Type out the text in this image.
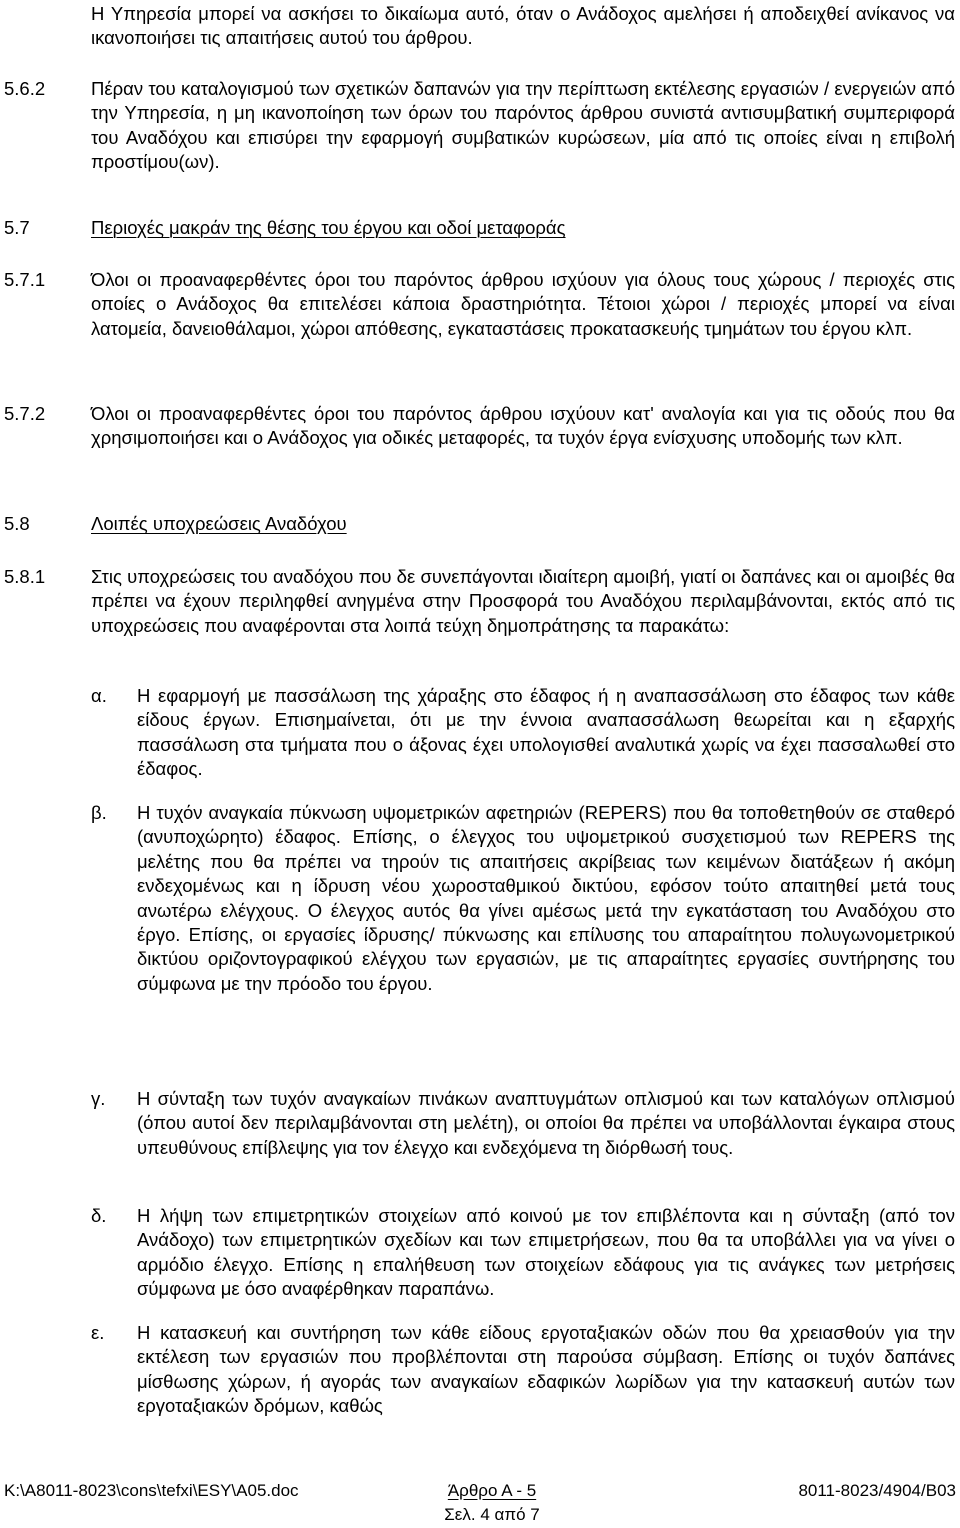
Η Υπηρεσία μπορεί να ασκήσει το δικαίωμα αυτό, όταν ο Ανάδοχος αμελήσει ή αποδειχθεί ανίκανος να ικανοποιήσει τις απαιτήσεις αυτού του άρθρου.
5.6.2	Πέραν του καταλογισμού των σχετικών δαπανών για την περίπτωση εκτέλεσης εργασιών / ενεργειών από την Υπηρεσία, η μη ικανοποίηση των όρων του παρόντος άρθρου συνιστά αντισυμβατική συμπεριφορά του Αναδόχου και επισύρει την εφαρμογή συμβατικών κυρώσεων, μία από τις οποίες είναι η επιβολή προστίμου(ων).
5.7	Περιοχές μακράν της θέσης του έργου και οδοί μεταφοράς
5.7.1	Όλοι οι προαναφερθέντες όροι του παρόντος άρθρου ισχύουν για όλους τους χώρους / περιοχές στις οποίες ο Ανάδοχος θα επιτελέσει κάποια δραστηριότητα. Τέτοιοι χώροι / περιοχές μπορεί να είναι λατομεία, δανειοθάλαμοι, χώροι απόθεσης, εγκαταστάσεις προκατασκευής τμημάτων του έργου κλπ.
5.7.2	Όλοι οι προαναφερθέντες όροι του παρόντος άρθρου ισχύουν κατ' αναλογία και για τις οδούς που θα χρησιμοποιήσει και ο Ανάδοχος για οδικές μεταφορές, τα τυχόν έργα ενίσχυσης υποδομής των κλπ.
5.8	Λοιπές υποχρεώσεις Αναδόχου
5.8.1	Στις υποχρεώσεις του αναδόχου που δε συνεπάγονται ιδιαίτερη αμοιβή, γιατί οι δαπάνες και οι αμοιβές θα πρέπει να έχουν περιληφθεί ανηγμένα στην Προσφορά του Αναδόχου περιλαμβάνονται, εκτός από τις υποχρεώσεις που αναφέρονται στα λοιπά τεύχη δημοπράτησης τα παρακάτω:
α. Η εφαρμογή με πασσάλωση της χάραξης στο έδαφος ή η αναπασσάλωση στο έδαφος των κάθε είδους έργων. Επισημαίνεται, ότι με την έννοια αναπασσάλωση θεωρείται και η εξαρχής πασσάλωση στα τμήματα που ο άξονας έχει υπολογισθεί αναλυτικά χωρίς να έχει πασσαλωθεί στο έδαφος.
β. Η τυχόν αναγκαία πύκνωση υψομετρικών αφετηριών (REPERS) που θα τοποθετηθούν σε σταθερό (ανυποχώρητο) έδαφος. Επίσης, ο έλεγχος του υψομετρικού συσχετισμού των REPERS της μελέτης που θα πρέπει να τηρούν τις απαιτήσεις ακρίβειας των κειμένων διατάξεων ή ακόμη ενδεχομένως και η ίδρυση νέου χωροσταθμικού δικτύου, εφόσον τούτο απαιτηθεί μετά τους ανωτέρω ελέγχους. Ο έλεγχος αυτός θα γίνει αμέσως μετά την εγκατάσταση του Αναδόχου στο έργο. Επίσης, οι εργασίες ίδρυσης/ πύκνωσης και επίλυσης του απαραίτητου πολυγωνομετρικού δικτύου οριζοντογραφικού ελέγχου των εργασιών, με τις απαραίτητες εργασίες συντήρησης του σύμφωνα με την πρόοδο του έργου.
γ. Η σύνταξη των τυχόν αναγκαίων πινάκων αναπτυγμάτων οπλισμού και των καταλόγων οπλισμού (όπου αυτοί δεν περιλαμβάνονται στη μελέτη), οι οποίοι θα πρέπει να υποβάλλονται έγκαιρα στους υπευθύνους επίβλεψης για τον έλεγχο και ενδεχόμενα τη διόρθωσή τους.
δ. Η λήψη των επιμετρητικών στοιχείων από κοινού με τον επιβλέποντα και η σύνταξη (από τον Ανάδοχο) των επιμετρητικών σχεδίων και των επιμετρήσεων, που θα τα υποβάλλει για να γίνει ο αρμόδιο έλεγχο. Επίσης η επαλήθευση των στοιχείων εδάφους για τις ανάγκες των μετρήσεις σύμφωνα με όσο αναφέρθηκαν παραπάνω.
ε. Η κατασκευή και συντήρηση των κάθε είδους εργοταξιακών οδών που θα χρειασθούν για την εκτέλεση των εργασιών που προβλέπονται στη παρούσα σύμβαση. Επίσης οι τυχόν δαπάνες μίσθωσης χώρων, ή αγοράς των αναγκαίων εδαφικών λωρίδων για την κατασκευή αυτών των εργοταξιακών δρόμων, καθώς
K:\A8011-8023\cons\tefxi\ESY\A05.doc	Άρθρο Α - 5
Σελ. 4 από 7
8011-8023/4904/B03
